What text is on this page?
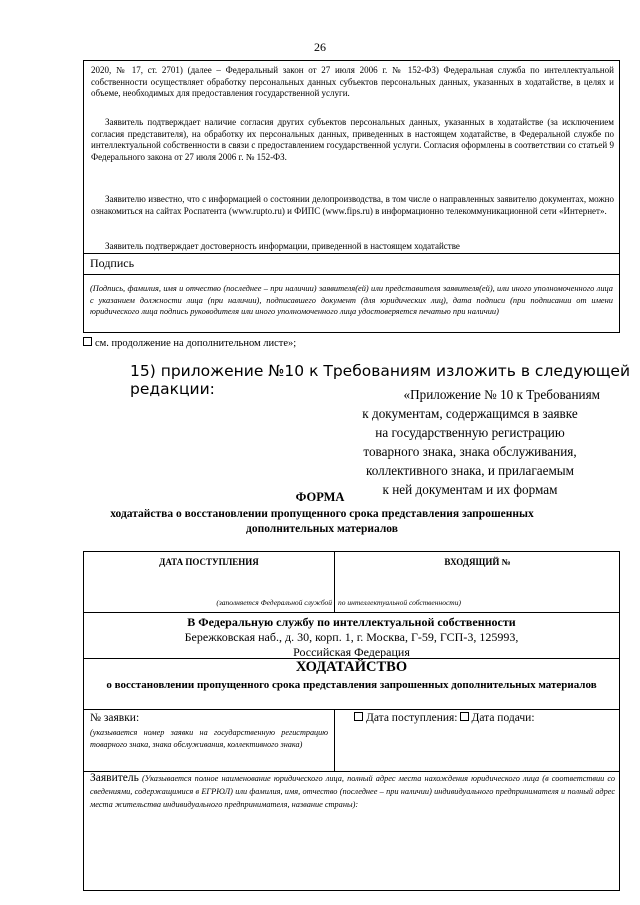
26

2020, № 17, ст. 2701) (далее – Федеральный закон от 27 июля 2006 г. № 152-ФЗ) Федеральная служба по интеллектуальной собственности осуществляет обработку персональных данных субъектов персональных данных, указанных в ходатайстве, в целях и объеме, необходимых для предоставления государственной услуги.

Заявитель подтверждает наличие согласия других субъектов персональных данных, указанных в ходатайстве (за исключением согласия представителя), на обработку их персональных данных, приведенных в настоящем ходатайстве, в Федеральной службе по интеллектуальной собственности в связи с предоставлением государственной услуги. Согласия оформлены в соответствии со статьей 9 Федерального закона от 27 июля 2006 г. № 152-ФЗ.

Заявителю известно, что с информацией о состоянии делопроизводства, в том числе о направленных заявителю документах, можно ознакомиться на сайтах Роспатента (www.rupto.ru) и ФИПС (www.fips.ru) в информационно телекоммуникационной сети «Интернет».

Заявитель подтверждает достоверность информации, приведенной в настоящем ходатайстве

Подпись
(Подпись, фамилия, имя и отчество (последнее – при наличии) заявителя(ей) или представителя заявителя(ей), или иного уполномоченного лица с указанием должности лица (при наличии), подписавшего документ (для юридических лиц), дата подписи (при подписании от имени юридического лица подпись руководителя или иного уполномоченного лица удостоверяется печатью при наличии)
см. продолжение на дополнительном листе»;
15) приложение №10 к Требованиям изложить в следующей редакции:	«Приложение № 10 к Требованиям
к документам, содержащимся в заявке
на государственную регистрацию
товарного знака, знака обслуживания,
коллективного знака, и прилагаемым
к ней документам и их формам
ФОРМА
ходатайства о восстановлении пропущенного срока представления запрошенных дополнительных материалов
ДАТА ПОСТУПЛЕНИЯ	ВХОДЯЩИЙ №
(заполняется Федеральной службой по интеллектуальной собственности)
В Федеральную службу по интеллектуальной собственности
Бережковская наб., д. 30, корп. 1, г. Москва, Г-59, ГСП-3, 125993,
Российская Федерация
ХОДАТАЙСТВО
о восстановлении пропущенного срока представления запрошенных дополнительных материалов
№ заявки:
(указывается номер заявки на государственную регистрацию товарного знака, знака обслуживания, коллективного знака)
Дата поступления: Дата подачи:
Заявитель (Указывается полное наименование юридического лица, полный адрес места нахождения юридического лица (в соответствии со сведениями, содержащимися в ЕГРЮЛ) или фамилия, имя, отчество (последнее – при наличии) индивидуального предпринимателя и полный адрес места жительства индивидуального предпринимателя, название страны):
